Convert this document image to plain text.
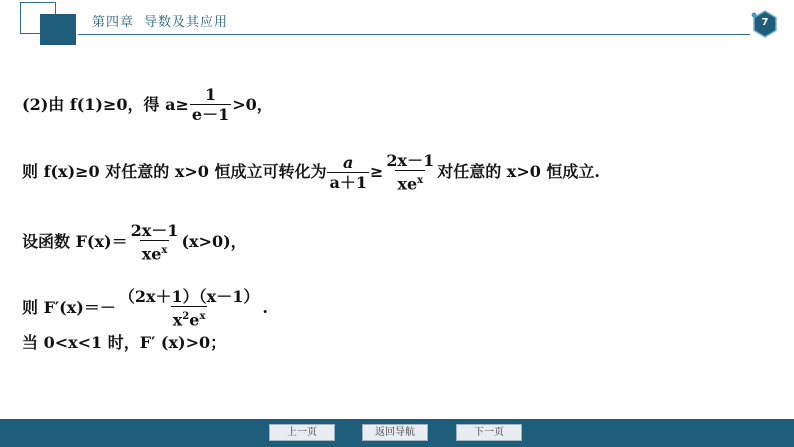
第四章 导数及其应用	7
(2)由 f(1)≥0，得 $a\ge \frac{1}{e-1} >0$，
则 f(x)≥0 对任意的 x>0 恒成立可转化为 $\frac{a}{a+1} \ge \frac{2x-1}{xe^x}$ 对任意的 x>0 恒成立.
设函数 $F(x)= \frac{2x-1}{xe^x} (x>0)$，
则 $F'(x)=- \frac{(2x+1)(x-1)}{x^2e^x}$ .
当 0<x<1 时，F′ (x)>0；
上一页	返回导航	下一页
